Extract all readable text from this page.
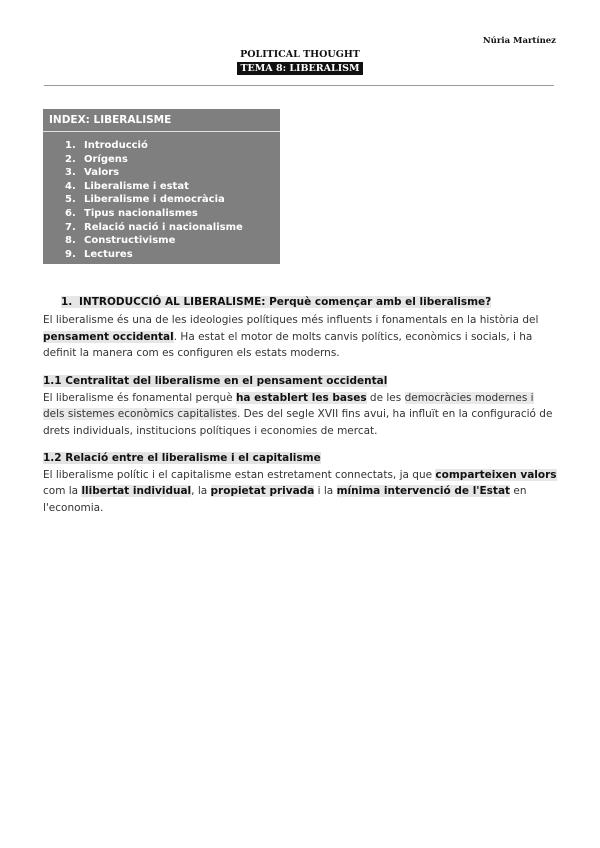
Núria Martínez
POLITICAL THOUGHT
TEMA 8: LIBERALISM
INDEX: LIBERALISME
1. Introducció
2. Orígens
3. Valors
4. Liberalisme i estat
5. Liberalisme i democràcia
6. Tipus nacionalismes
7. Relació nació i nacionalisme
8. Constructivisme
9. Lectures
1. INTRODUCCIÓ AL LIBERALISME: Perquè començar amb el liberalisme?

El liberalisme és una de les ideologies polítiques més influents i fonamentals en la història del pensament occidental. Ha estat el motor de molts canvis polítics, econòmics i socials, i ha definit la manera com es configuren els estats moderns.

1.1 Centralitat del liberalisme en el pensament occidental

El liberalisme és fonamental perquè ha establert les bases de les democràcies modernes i dels sistemes econòmics capitalistes. Des del segle XVII fins avui, ha influït en la configuració de drets individuals, institucions polítiques i economies de mercat.

1.2 Relació entre el liberalisme i el capitalisme

El liberalisme polític i el capitalisme estan estretament connectats, ja que comparteixen valors com la llibertat individual, la propietat privada i la mínima intervenció de l'Estat en l'economia.
